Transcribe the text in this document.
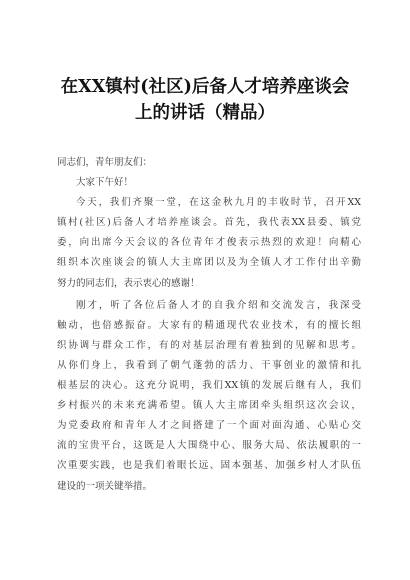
在XX镇村(社区)后备人才培养座谈会
上的讲话（精品）
同志们，青年朋友们：
大家下午好！
今天，我们齐聚一堂，在这金秋九月的丰收时节，召开XX
镇村(社区)后备人才培养座谈会。首先，我代表XX县委、镇党
委，向出席今天会议的各位青年才俊表示热烈的欢迎！向精心
组织本次座谈会的镇人大主席团以及为全镇人才工作付出辛勤
努力的同志们，表示衷心的感谢！
刚才，听了各位后备人才的自我介绍和交流发言，我深受
触动，也倍感振奋。大家有的精通现代农业技术，有的擅长组
织协调与群众工作，有的对基层治理有着独到的见解和思考。
从你们身上，我看到了朝气蓬勃的活力、干事创业的激情和扎
根基层的决心。这充分说明，我们XX镇的发展后继有人，我们
乡村振兴的未来充满希望。镇人大主席团牵头组织这次会议，
为党委政府和青年人才之间搭建了一个面对面沟通、心贴心交
流的宝贵平台，这既是人大围绕中心、服务大局、依法履职的一
次重要实践，也是我们着眼长远、固本强基、加强乡村人才队伍
建设的一项关键举措。
